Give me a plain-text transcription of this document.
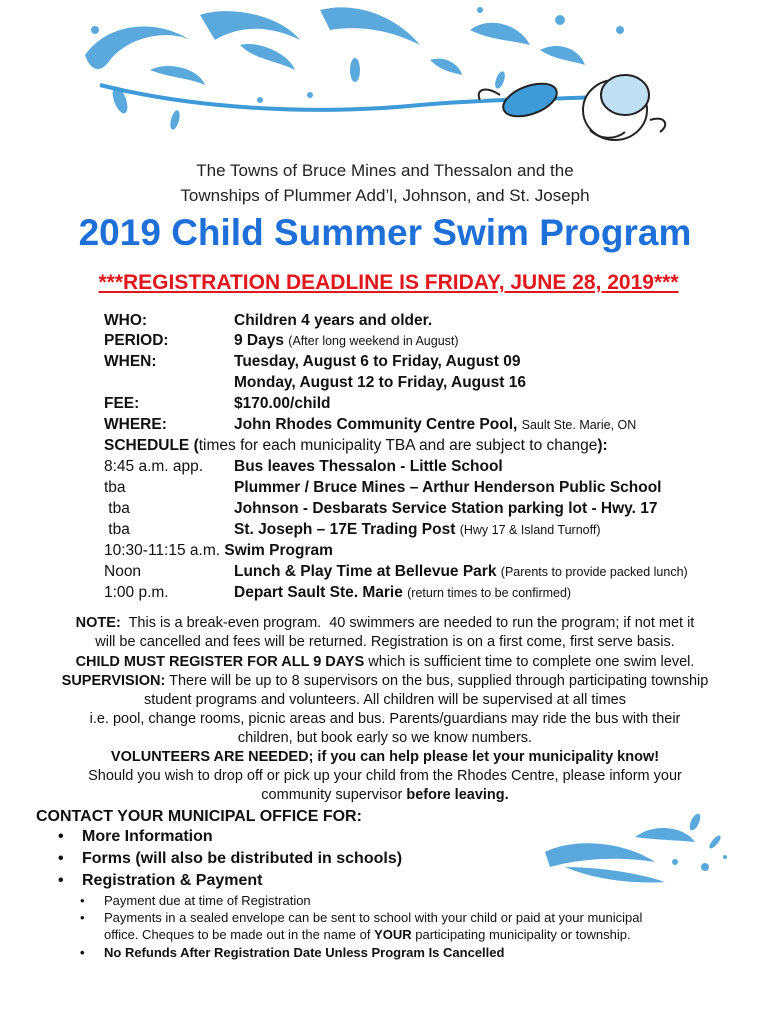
The Towns of Bruce Mines and Thessalon and the
Townships of Plummer Add’l, Johnson, and St. Joseph
2019 Child Summer Swim Program
***REGISTRATION DEADLINE IS FRIDAY, JUNE 28, 2019***
WHO:	Children 4 years and older.
PERIOD:	9 Days (After long weekend in August)
WHEN:	Tuesday, August 6 to Friday, August 09
Monday, August 12 to Friday, August 16
FEE:	$170.00/child
WHERE:	John Rhodes Community Centre Pool, Sault Ste. Marie, ON
SCHEDULE (times for each municipality TBA and are subject to change):
8:45 a.m. app. Bus leaves Thessalon - Little School
tba	Plummer / Bruce Mines – Arthur Henderson Public School
tba	Johnson - Desbarats Service Station parking lot - Hwy. 17
tba	St. Joseph – 17E Trading Post (Hwy 17 & Island Turnoff)
10:30-11:15 a.m. Swim Program
Noon	Lunch & Play Time at Bellevue Park (Parents to provide packed lunch)
1:00 p.m.	Depart Sault Ste. Marie (return times to be confirmed)
NOTE:  This is a break-even program.  40 swimmers are needed to run the program; if not met it
will be cancelled and fees will be returned. Registration is on a first come, first serve basis.
CHILD MUST REGISTER FOR ALL 9 DAYS which is sufficient time to complete one swim level.
SUPERVISION: There will be up to 8 supervisors on the bus, supplied through participating township
student programs and volunteers. All children will be supervised at all times
i.e. pool, change rooms, picnic areas and bus. Parents/guardians may ride the bus with their
children, but book early so we know numbers.
VOLUNTEERS ARE NEEDED; if you can help please let your municipality know!
Should you wish to drop off or pick up your child from the Rhodes Centre, please inform your
community supervisor before leaving.
CONTACT YOUR MUNICIPAL OFFICE FOR:
• More Information
• Forms (will also be distributed in schools)
• Registration & Payment
• Payment due at time of Registration
• Payments in a sealed envelope can be sent to school with your child or paid at your municipal
office. Cheques to be made out in the name of YOUR participating municipality or township.
• No Refunds After Registration Date Unless Program Is Cancelled
